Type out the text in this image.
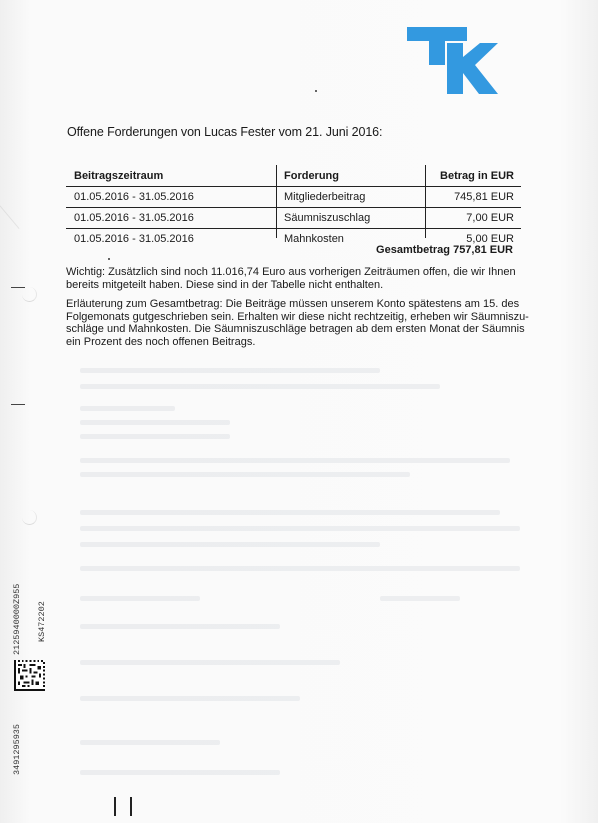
Offene Forderungen von Lucas Fester vom 21. Juni 2016:
Beitragszeitraum	Forderung	Betrag in EUR
01.05.2016 - 31.05.2016	Mitgliederbeitrag	745,81 EUR
01.05.2016 - 31.05.2016	Säumniszuschlag	7,00 EUR
01.05.2016 - 31.05.2016	Mahnkosten	5,00 EUR
Gesamtbetrag 757,81 EUR
Wichtig: Zusätzlich sind noch 11.016,74 Euro aus vorherigen Zeiträumen offen, die wir Ihnen
bereits mitgeteilt haben. Diese sind in der Tabelle nicht enthalten.
Erläuterung zum Gesamtbetrag: Die Beiträge müssen unserem Konto spätestens am 15. des
Folgemonats gutgeschrieben sein. Erhalten wir diese nicht rechtzeitig, erheben wir Säumniszu-
schläge und Mahnkosten. Die Säumniszuschläge betragen ab dem ersten Monat der Säumnis
ein Prozent des noch offenen Beitrags.
2125940000Z955 KS472202
3491295935
